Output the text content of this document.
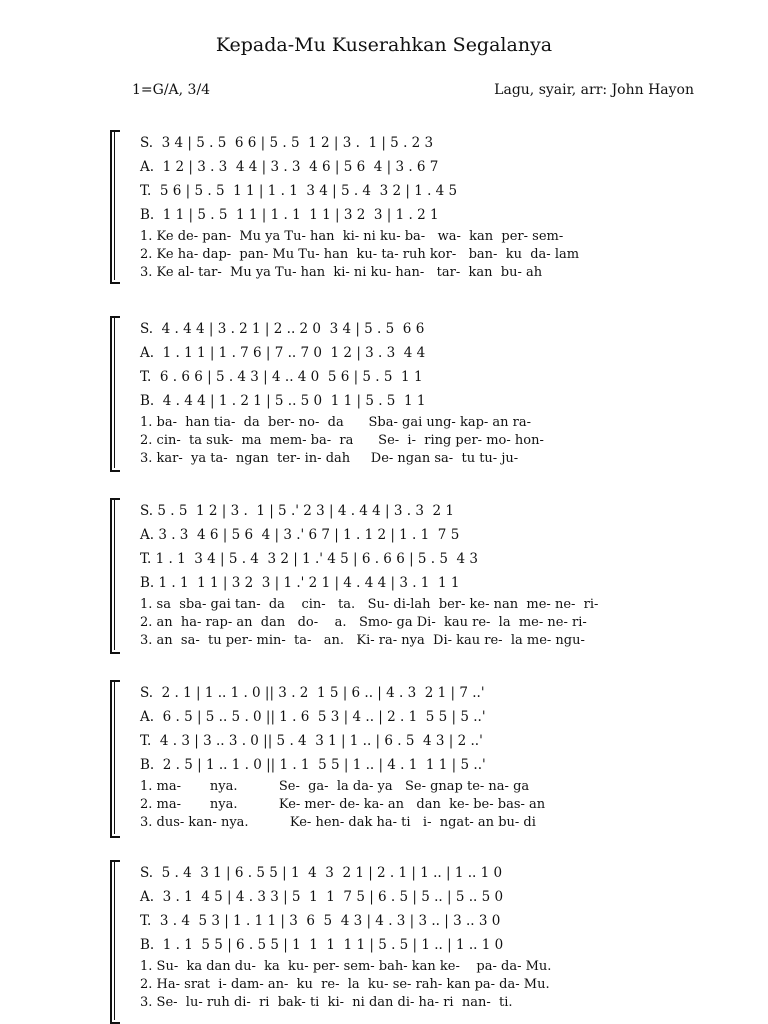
Kepada-Mu Kuserahkan Segalanya
1=G/A, 3/4	Lagu, syair, arr: John Hayon
S.  3 4 | 5 . 5  6 6 | 5 . 5  1 2 | 3 .  1 | 5 . 2 3
A.  1 2 | 3 . 3  4 4 | 3 . 3  4 6 | 5 6  4 | 3 . 6 7
T.  5 6 | 5 . 5  1 1 | 1 . 1  3 4 | 5 . 4  3 2 | 1 . 4 5
B.  1 1 | 5 . 5  1 1 | 1 . 1  1 1 | 3 2  3 | 1 . 2 1
1. Ke de- pan-  Mu ya Tu- han  ki- ni ku- ba-   wa-  kan  per- sem-
2. Ke ha- dap-  pan- Mu Tu- han  ku- ta- ruh kor-   ban-  ku  da- lam
3. Ke al- tar-  Mu ya Tu- han  ki- ni ku- han-   tar-  kan  bu- ah
S.  4 . 4 4 | 3 . 2 1 | 2 .. 2 0  3 4 | 5 . 5  6 6
A.  1 . 1 1 | 1 . 7 6 | 7 .. 7 0  1 2 | 3 . 3  4 4
T.  6 . 6 6 | 5 . 4 3 | 4 .. 4 0  5 6 | 5 . 5  1 1
B.  4 . 4 4 | 1 . 2 1 | 5 .. 5 0  1 1 | 5 . 5  1 1
1. ba-  han tia-  da  ber- no-  da      Sba- gai ung- kap- an ra-
2. cin-  ta suk-  ma  mem- ba-  ra      Se-  i-  ring per- mo- hon-
3. kar-  ya ta-  ngan  ter- in- dah     De- ngan sa-  tu tu- ju-
S. 5 . 5  1 2 | 3 .  1 | 5 .' 2 3 | 4 . 4 4 | 3 . 3  2 1
A. 3 . 3  4 6 | 5 6  4 | 3 .' 6 7 | 1 . 1 2 | 1 . 1  7 5
T. 1 . 1  3 4 | 5 . 4  3 2 | 1 .' 4 5 | 6 . 6 6 | 5 . 5  4 3
B. 1 . 1  1 1 | 3 2  3 | 1 .' 2 1 | 4 . 4 4 | 3 . 1  1 1
1. sa  sba- gai tan-  da    cin-   ta.   Su- di-lah  ber- ke- nan  me- ne-  ri-
2. an  ha- rap- an  dan   do-    a.   Smo- ga Di-  kau re-  la  me- ne- ri-
3. an  sa-  tu per- min-  ta-   an.   Ki- ra- nya  Di- kau re-  la me- ngu-
S.  2 . 1 | 1 .. 1 . 0 || 3 . 2  1 5 | 6 .. | 4 . 3  2 1 | 7 ..'
A.  6 . 5 | 5 .. 5 . 0 || 1 . 6  5 3 | 4 .. | 2 . 1  5 5 | 5 ..'
T.  4 . 3 | 3 .. 3 . 0 || 5 . 4  3 1 | 1 .. | 6 . 5  4 3 | 2 ..'
B.  2 . 5 | 1 .. 1 . 0 || 1 . 1  5 5 | 1 .. | 4 . 1  1 1 | 5 ..'
1. ma-       nya.          Se-  ga-  la da- ya   Se- gnap te- na- ga
2. ma-       nya.          Ke- mer- de- ka- an   dan  ke- be- bas- an
3. dus- kan- nya.          Ke- hen- dak ha- ti   i-  ngat- an bu- di
S.  5 . 4  3 1 | 6 . 5 5 | 1  4  3  2 1 | 2 . 1 | 1 .. | 1 .. 1 0
A.  3 . 1  4 5 | 4 . 3 3 | 5  1  1  7 5 | 6 . 5 | 5 .. | 5 .. 5 0
T.  3 . 4  5 3 | 1 . 1 1 | 3  6  5  4 3 | 4 . 3 | 3 .. | 3 .. 3 0
B.  1 . 1  5 5 | 6 . 5 5 | 1  1  1  1 1 | 5 . 5 | 1 .. | 1 .. 1 0
1. Su-  ka dan du-  ka  ku- per- sem- bah- kan ke-    pa- da- Mu.
2. Ha- srat  i- dam- an-  ku  re-  la  ku- se- rah- kan pa- da- Mu.
3. Se-  lu- ruh di-  ri  bak- ti  ki-  ni dan di- ha- ri  nan-  ti.
